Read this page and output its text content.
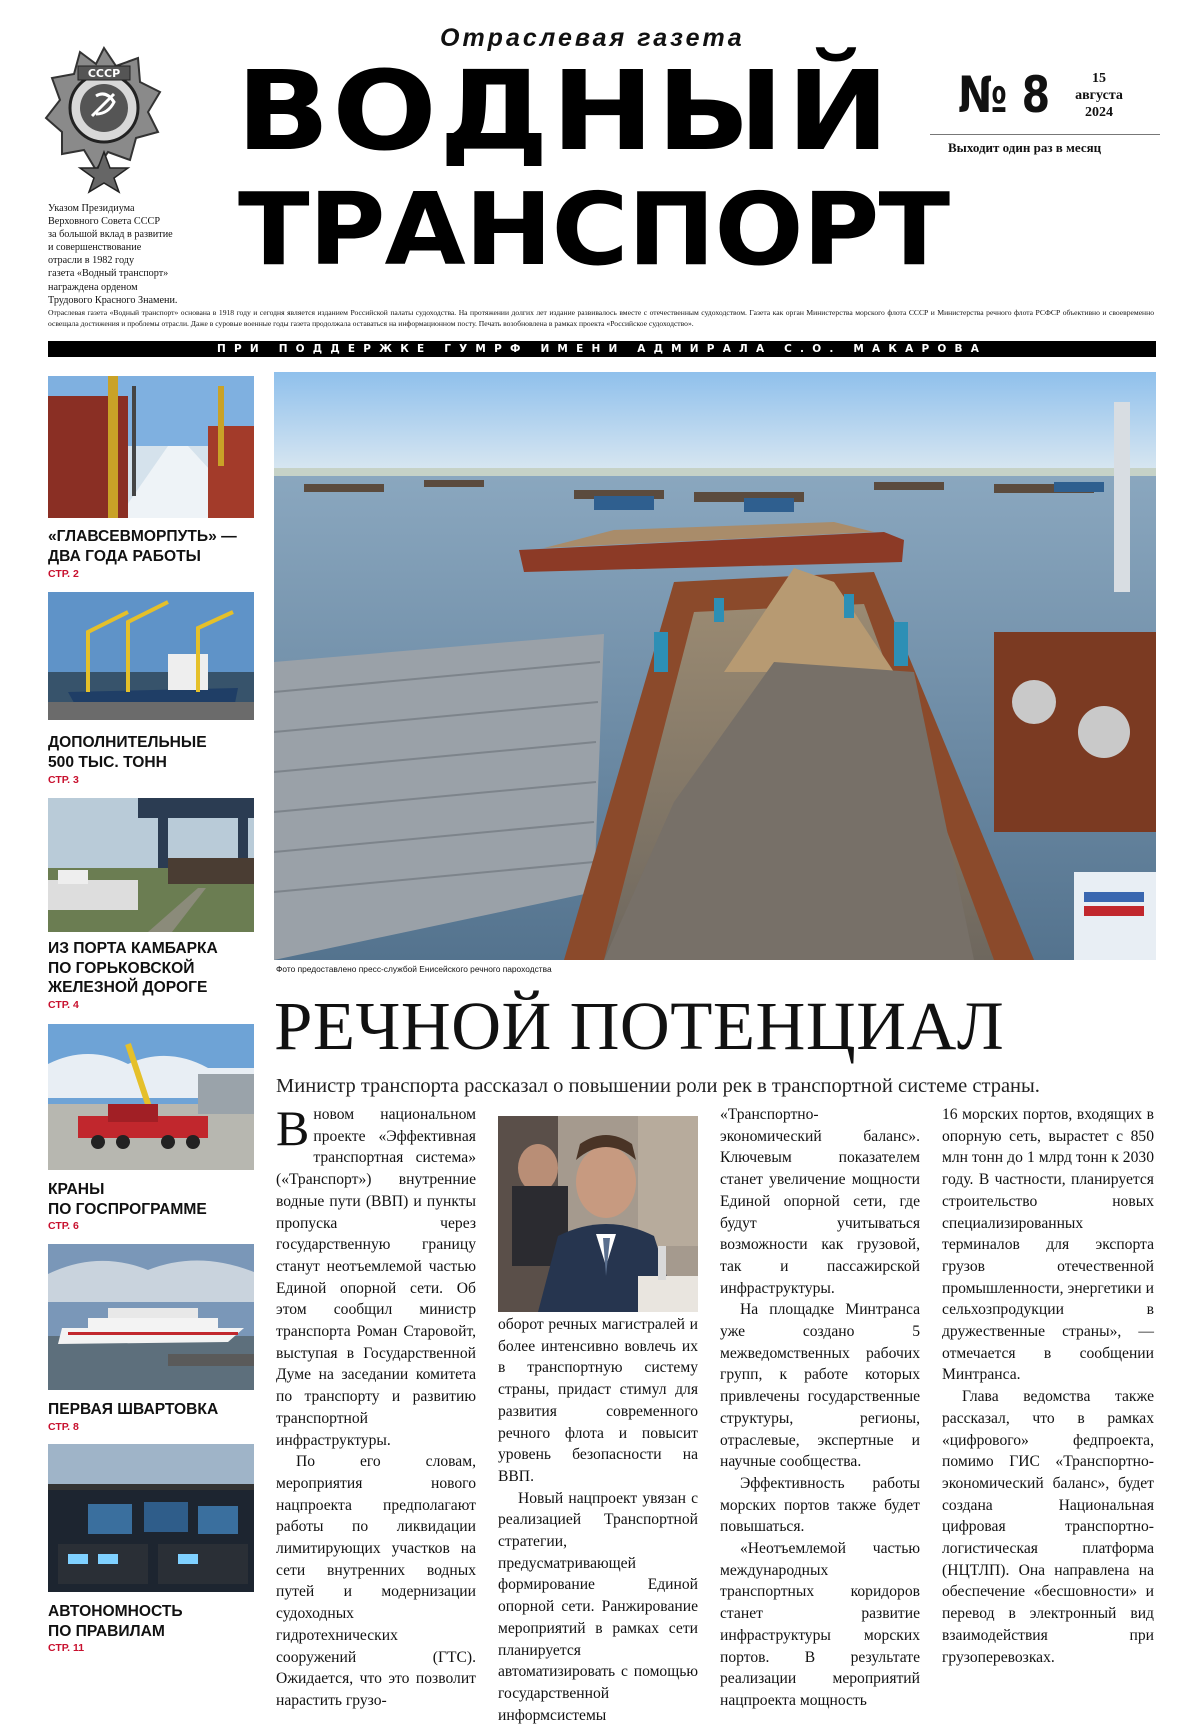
СССР
Указом Президиума
Верховного Совета СССР
за большой вклад в развитие
и совершенствование
отрасли в 1982 году
газета «Водный транспорт»
награждена орденом
Трудового Красного Знамени.
Отраслевая газета
ВОДНЫЙ
ТРАНСПОРТ
№ 8	15
августа
2024
Выходит один раз в месяц
Отраслевая газета «Водный транспорт» основана в 1918 году и сегодня является изданием Российской палаты судоходства. На протяжении долгих лет издание развивалось вместе с отечественным судоходством. Газета как орган Министерства морского флота СССР и Министерства речного флота РСФСР объективно и своевременно освещала достижения и проблемы отрасли. Даже в суровые военные годы газета продолжала оставаться на информационном посту. Печать возобновлена в рамках проекта «Российское судоходство».
ПРИ ПОДДЕРЖКЕ ГУМРФ ИМЕНИ АДМИРАЛА С.О. МАКАРОВА
«ГЛАВСЕВМОРПУТЬ» —
ДВА ГОДА РАБОТЫ
СТР. 2
ДОПОЛНИТЕЛЬНЫЕ
500 ТЫС. ТОНН
СТР. 3
ИЗ ПОРТА КАМБАРКА
ПО ГОРЬКОВСКОЙ
ЖЕЛЕЗНОЙ ДОРОГЕ
СТР. 4
КРАНЫ
ПО ГОСПРОГРАММЕ
СТР. 6
ПЕРВАЯ ШВАРТОВКА
СТР. 8
АВТОНОМНОСТЬ
ПО ПРАВИЛАМ
СТР. 11
Фото предоставлено пресс-службой Енисейского речного пароходства
РЕЧНОЙ ПОТЕНЦИАЛ
Министр транспорта рассказал о повышении роли рек в транспортной системе страны.

Вновом национальном проекте «Эффективная транспортная система» («Транспорт») внутренние водные пути (ВВП) и пункты пропуска через государственную границу станут неотъемлемой частью Единой опорной сети. Об этом сообщил министр транспорта Роман Старовойт, выступая в Государственной Думе на заседании комитета по транспорту и развитию транспортной инфраструктуры.

По его словам, мероприятия нового нацпроекта предполагают работы по ликвидации лимитирующих участков на сети внутренних водных путей и модернизации судоходных гидротехнических сооружений (ГТС). Ожидается, что это позволит нарастить грузо-

оборот речных магистралей и более интенсивно вовлечь их в транспортную систему страны, придаст стимул для развития современного речного флота и повысит уровень безопасности на ВВП.

Новый нацпроект увязан с реализацией Транспортной стратегии, предусматривающей формирование Единой опорной сети. Ранжирование мероприятий в рамках сети планируется автоматизировать с помощью государственной информсистемы

«Транспортно-экономический баланс». Ключевым показателем станет увеличение мощности Единой опорной сети, где будут учитываться возможности как грузовой, так и пассажирской инфраструктуры.

На площадке Минтранса уже создано 5 межведомственных рабочих групп, к работе которых привлечены государственные структуры, регионы, отраслевые, экспертные и научные сообщества.

Эффективность работы морских портов также будет повышаться.

«Неотъемлемой частью международных транспортных коридоров станет развитие инфраструктуры морских портов. В результате реализации мероприятий нацпроекта мощность

16 морских портов, входящих в опорную сеть, вырастет с 850 млн тонн до 1 млрд тонн к 2030 году. В частности, планируется строительство новых специализированных терминалов для экспорта грузов отечественной промышленности, энергетики и сельхозпродукции в дружественные страны», — отмечается в сообщении Минтранса.

Глава ведомства также рассказал, что в рамках «цифрового» федпроекта, помимо ГИС «Транспортно-экономический баланс», будет создана Национальная цифровая транспортно-логистическая платформа (НЦТЛП). Она направлена на обеспечение «бесшовности» и перевод в электронный вид взаимодействия при грузоперевозках.
